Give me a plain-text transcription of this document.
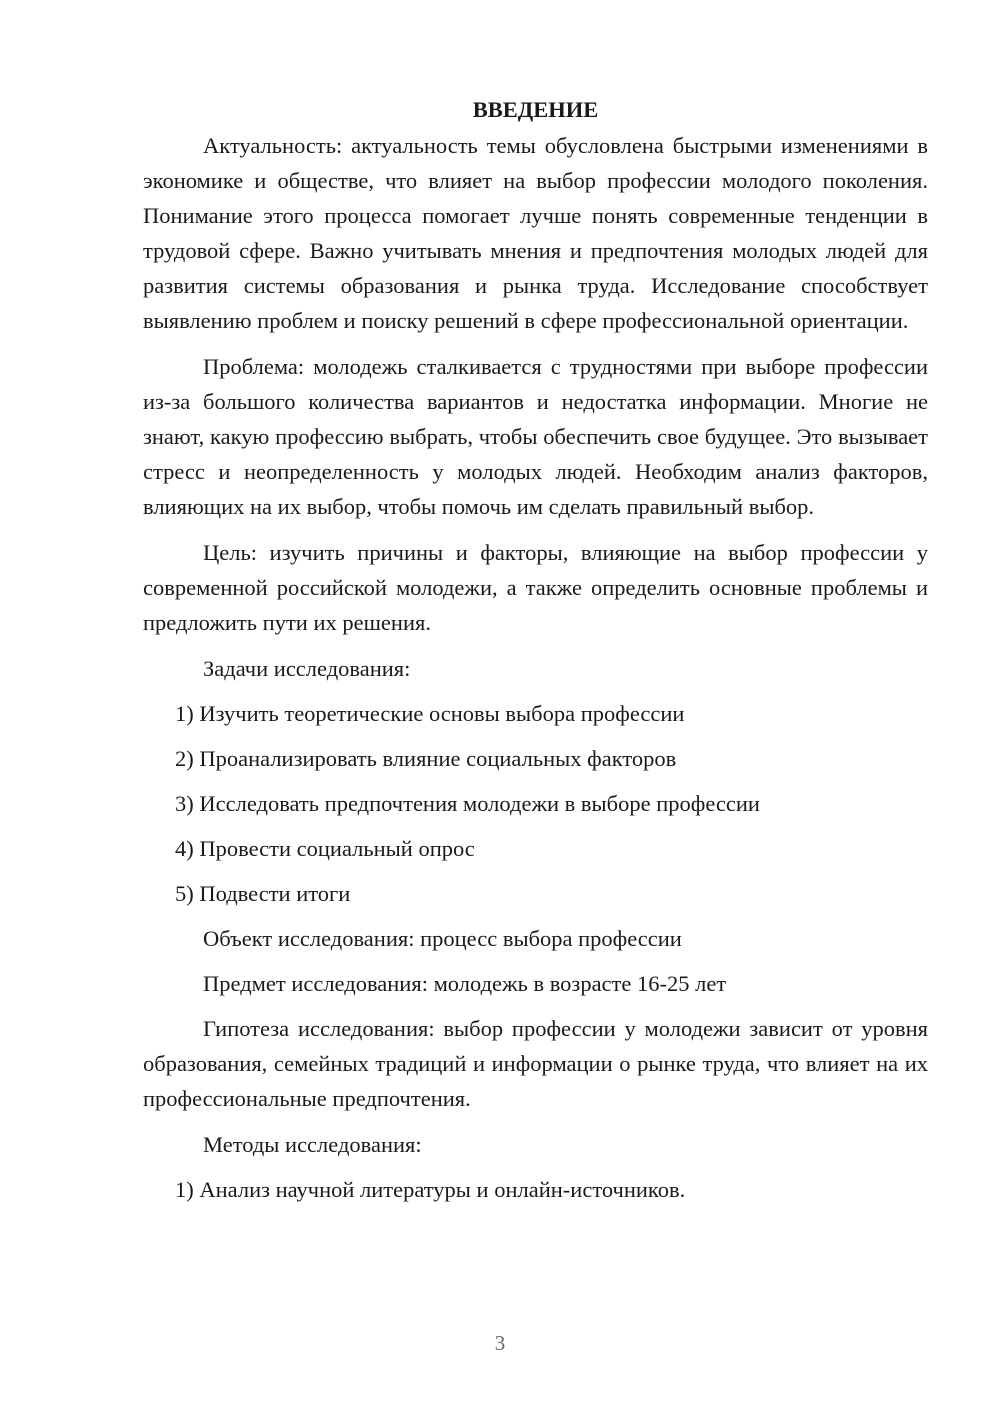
ВВЕДЕНИЕ

Актуальность: актуальность темы обусловлена быстрыми изменениями в экономике и обществе, что влияет на выбор профессии молодого поколения. Понимание этого процесса помогает лучше понять современные тенденции в трудовой сфере. Важно учитывать мнения и предпочтения молодых людей для развития системы образования и рынка труда. Исследование способствует выявлению проблем и поиску решений в сфере профессиональной ориентации.

Проблема: молодежь сталкивается с трудностями при выборе профессии из-за большого количества вариантов и недостатка информации. Многие не знают, какую профессию выбрать, чтобы обеспечить свое будущее. Это вызывает стресс и неопределенность у молодых людей. Необходим анализ факторов, влияющих на их выбор, чтобы помочь им сделать правильный выбор.

Цель: изучить причины и факторы, влияющие на выбор профессии у современной российской молодежи, а также определить основные проблемы и предложить пути их решения.

Задачи исследования:
1) Изучить теоретические основы выбора профессии
2) Проанализировать влияние социальных факторов
3) Исследовать предпочтения молодежи в выборе профессии
4) Провести социальный опрос
5) Подвести итоги
Объект исследования: процесс выбора профессии
Предмет исследования: молодежь в возрасте 16-25 лет

Гипотеза исследования: выбор профессии у молодежи зависит от уровня образования, семейных традиций и информации о рынке труда, что влияет на их профессиональные предпочтения.

Методы исследования:
1) Анализ научной литературы и онлайн-источников.
3
